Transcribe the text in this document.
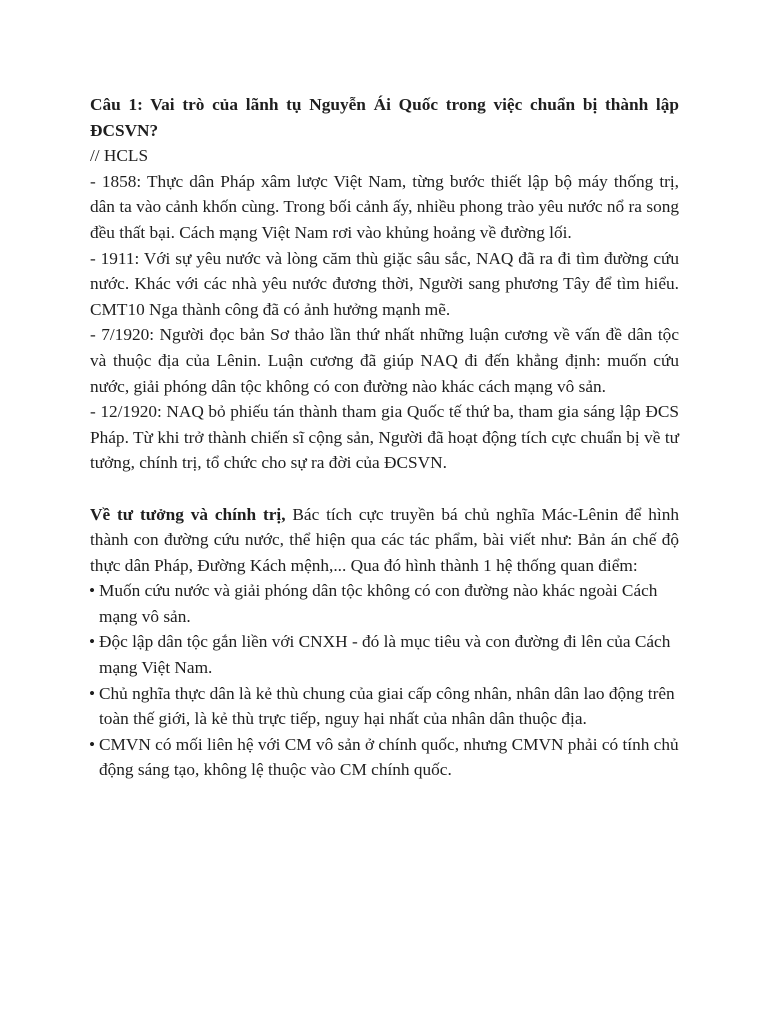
Câu 1: Vai trò của lãnh tụ Nguyễn Ái Quốc trong việc chuẩn bị thành lập ĐCSVN?

// HCLS

- 1858: Thực dân Pháp xâm lược Việt Nam, từng bước thiết lập bộ máy thống trị, dân ta vào cảnh khốn cùng. Trong bối cảnh ấy, nhiều phong trào yêu nước nổ ra song đều thất bại. Cách mạng Việt Nam rơi vào khủng hoảng về đường lối.

- 1911: Với sự yêu nước và lòng căm thù giặc sâu sắc, NAQ đã ra đi tìm đường cứu nước. Khác với các nhà yêu nước đương thời, Người sang phương Tây để tìm hiểu. CMT10 Nga thành công đã có ảnh hưởng mạnh mẽ.

- 7/1920: Người đọc bản Sơ thảo lần thứ nhất những luận cương về vấn đề dân tộc và thuộc địa của Lênin. Luận cương đã giúp NAQ đi đến khẳng định: muốn cứu nước, giải phóng dân tộc không có con đường nào khác cách mạng vô sản.

- 12/1920: NAQ bỏ phiếu tán thành tham gia Quốc tế thứ ba, tham gia sáng lập ĐCS Pháp. Từ khi trở thành chiến sĩ cộng sản, Người đã hoạt động tích cực chuẩn bị về tư tưởng, chính trị, tổ chức cho sự ra đời của ĐCSVN.

Về tư tưởng và chính trị, Bác tích cực truyền bá chủ nghĩa Mác-Lênin để hình thành con đường cứu nước, thể hiện qua các tác phẩm, bài viết như: Bản án chế độ thực dân Pháp, Đường Kách mệnh,... Qua đó hình thành 1 hệ thống quan điểm:

• Muốn cứu nước và giải phóng dân tộc không có con đường nào khác ngoài Cách mạng vô sản.
• Độc lập dân tộc gắn liền với CNXH - đó là mục tiêu và con đường đi lên của Cách mạng Việt Nam.
• Chủ nghĩa thực dân là kẻ thù chung của giai cấp công nhân, nhân dân lao động trên toàn thế giới, là kẻ thù trực tiếp, nguy hại nhất của nhân dân thuộc địa.
• CMVN có mối liên hệ với CM vô sản ở chính quốc, nhưng CMVN phải có tính chủ động sáng tạo, không lệ thuộc vào CM chính quốc.
